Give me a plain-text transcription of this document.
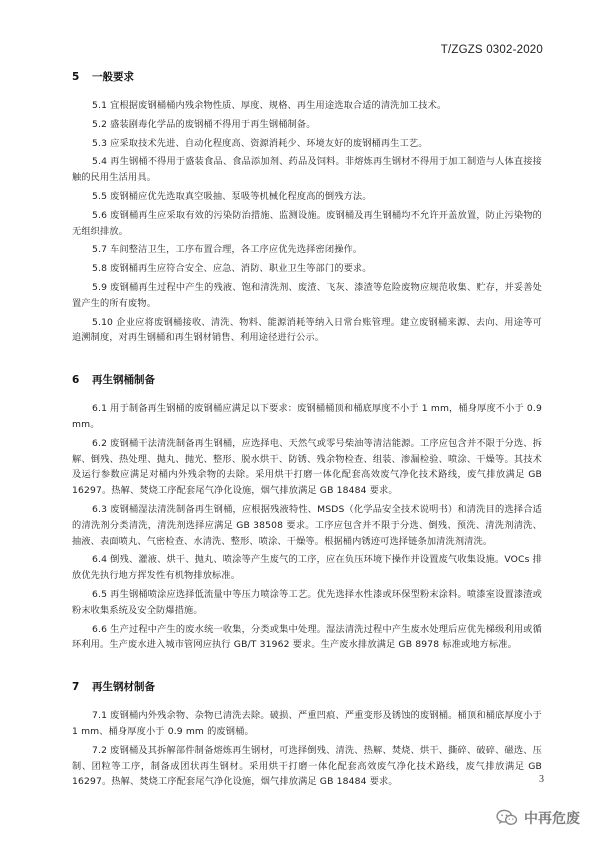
T/ZGZS 0302-2020
5 一般要求

5.1 宜根据废钢桶桶内残余物性质、厚度、规格、再生用途选取合适的清洗加工技术。

5.2 盛装剧毒化学品的废钢桶不得用于再生钢桶制备。

5.3 应采取技术先进、自动化程度高、资源消耗少、环境友好的废钢桶再生工艺。

5.4 再生钢桶不得用于盛装食品、食品添加剂、药品及饲料。非熔炼再生钢材不得用于加工制造与人体直接接触的民用生活用具。

5.5 废钢桶应优先选取真空吸抽、泵吸等机械化程度高的倒残方法。

5.6 废钢桶再生应采取有效的污染防治措施、监测设施。废钢桶及再生钢桶均不允许开盖放置，防止污染物的无组织排放。

5.7 车间整洁卫生，工序布置合理，各工序应优先选择密闭操作。

5.8 废钢桶再生应符合安全、应急、消防、职业卫生等部门的要求。

5.9 废钢桶再生过程中产生的残液、饱和清洗剂、废渣、飞灰、漆渣等危险废物应规范收集、贮存，并妥善处置产生的所有废物。

5.10 企业应将废钢桶接收、清洗、物料、能源消耗等纳入日常台账管理。建立废钢桶来源、去向、用途等可追溯制度，对再生钢桶和再生钢材销售、利用途径进行公示。

6 再生钢桶制备

6.1 用于制备再生钢桶的废钢桶应满足以下要求：废钢桶桶顶和桶底厚度不小于 1 mm，桶身厚度不小于 0.9 mm。

6.2 废钢桶干法清洗制备再生钢桶，应选择电、天然气或零号柴油等清洁能源。工序应包含并不限于分选、拆解、倒残、热处理、抛丸、抛光、整形、脱水烘干、防锈、残余物检查、组装、渗漏检验、喷涂、干燥等。其技术及运行参数应满足对桶内外残余物的去除。采用烘干打磨一体化配套高效废气净化技术路线，废气排放满足 GB 16297。热解、焚烧工序配套尾气净化设施，烟气排放满足 GB 18484 要求。

6.3 废钢桶湿法清洗制备再生钢桶，应根据残液特性、MSDS（化学品安全技术说明书）和清洗目的选择合适的清洗剂分类清洗，清洗剂选择应满足 GB 38508 要求。工序应包含并不限于分选、倒残、预洗、清洗剂清洗、抽液、表面喷丸、气密检查、水清洗、整形、喷涂、干燥等。根据桶内锈迹可选择链条加清洗剂清洗。

6.4 倒残、灌液、烘干、抛丸、喷涂等产生废气的工序，应在负压环境下操作并设置废气收集设施。VOCs 排放优先执行地方挥发性有机物排放标准。

6.5 再生钢桶喷涂应选择低流量中等压力喷涂等工艺。优先选择水性漆或环保型粉末涂料。喷漆室设置漆渣或粉末收集系统及安全防爆措施。

6.6 生产过程中产生的废水统一收集，分类或集中处理。湿法清洗过程中产生废水处理后应优先梯级利用或循环利用。生产废水进入城市管网应执行 GB/T 31962 要求。生产废水排放满足 GB 8978 标准或地方标准。

7 再生钢材制备

7.1 废钢桶内外残余物、杂物已清洗去除。破损、严重凹痕、严重变形及锈蚀的废钢桶。桶顶和桶底厚度小于 1 mm、桶身厚度小于 0.9 mm 的废钢桶。

7.2 废钢桶及其拆解部件制备熔炼再生钢材，可选择倒残、清洗、热解、焚烧、烘干、撕碎、破碎、磁选、压制、团粒等工序，制备成团状再生钢材。采用烘干打磨一体化配套高效废气净化技术路线，废气排放满足 GB 16297。热解、焚烧工序配套尾气净化设施，烟气排放满足 GB 18484 要求。	3
中再危废
